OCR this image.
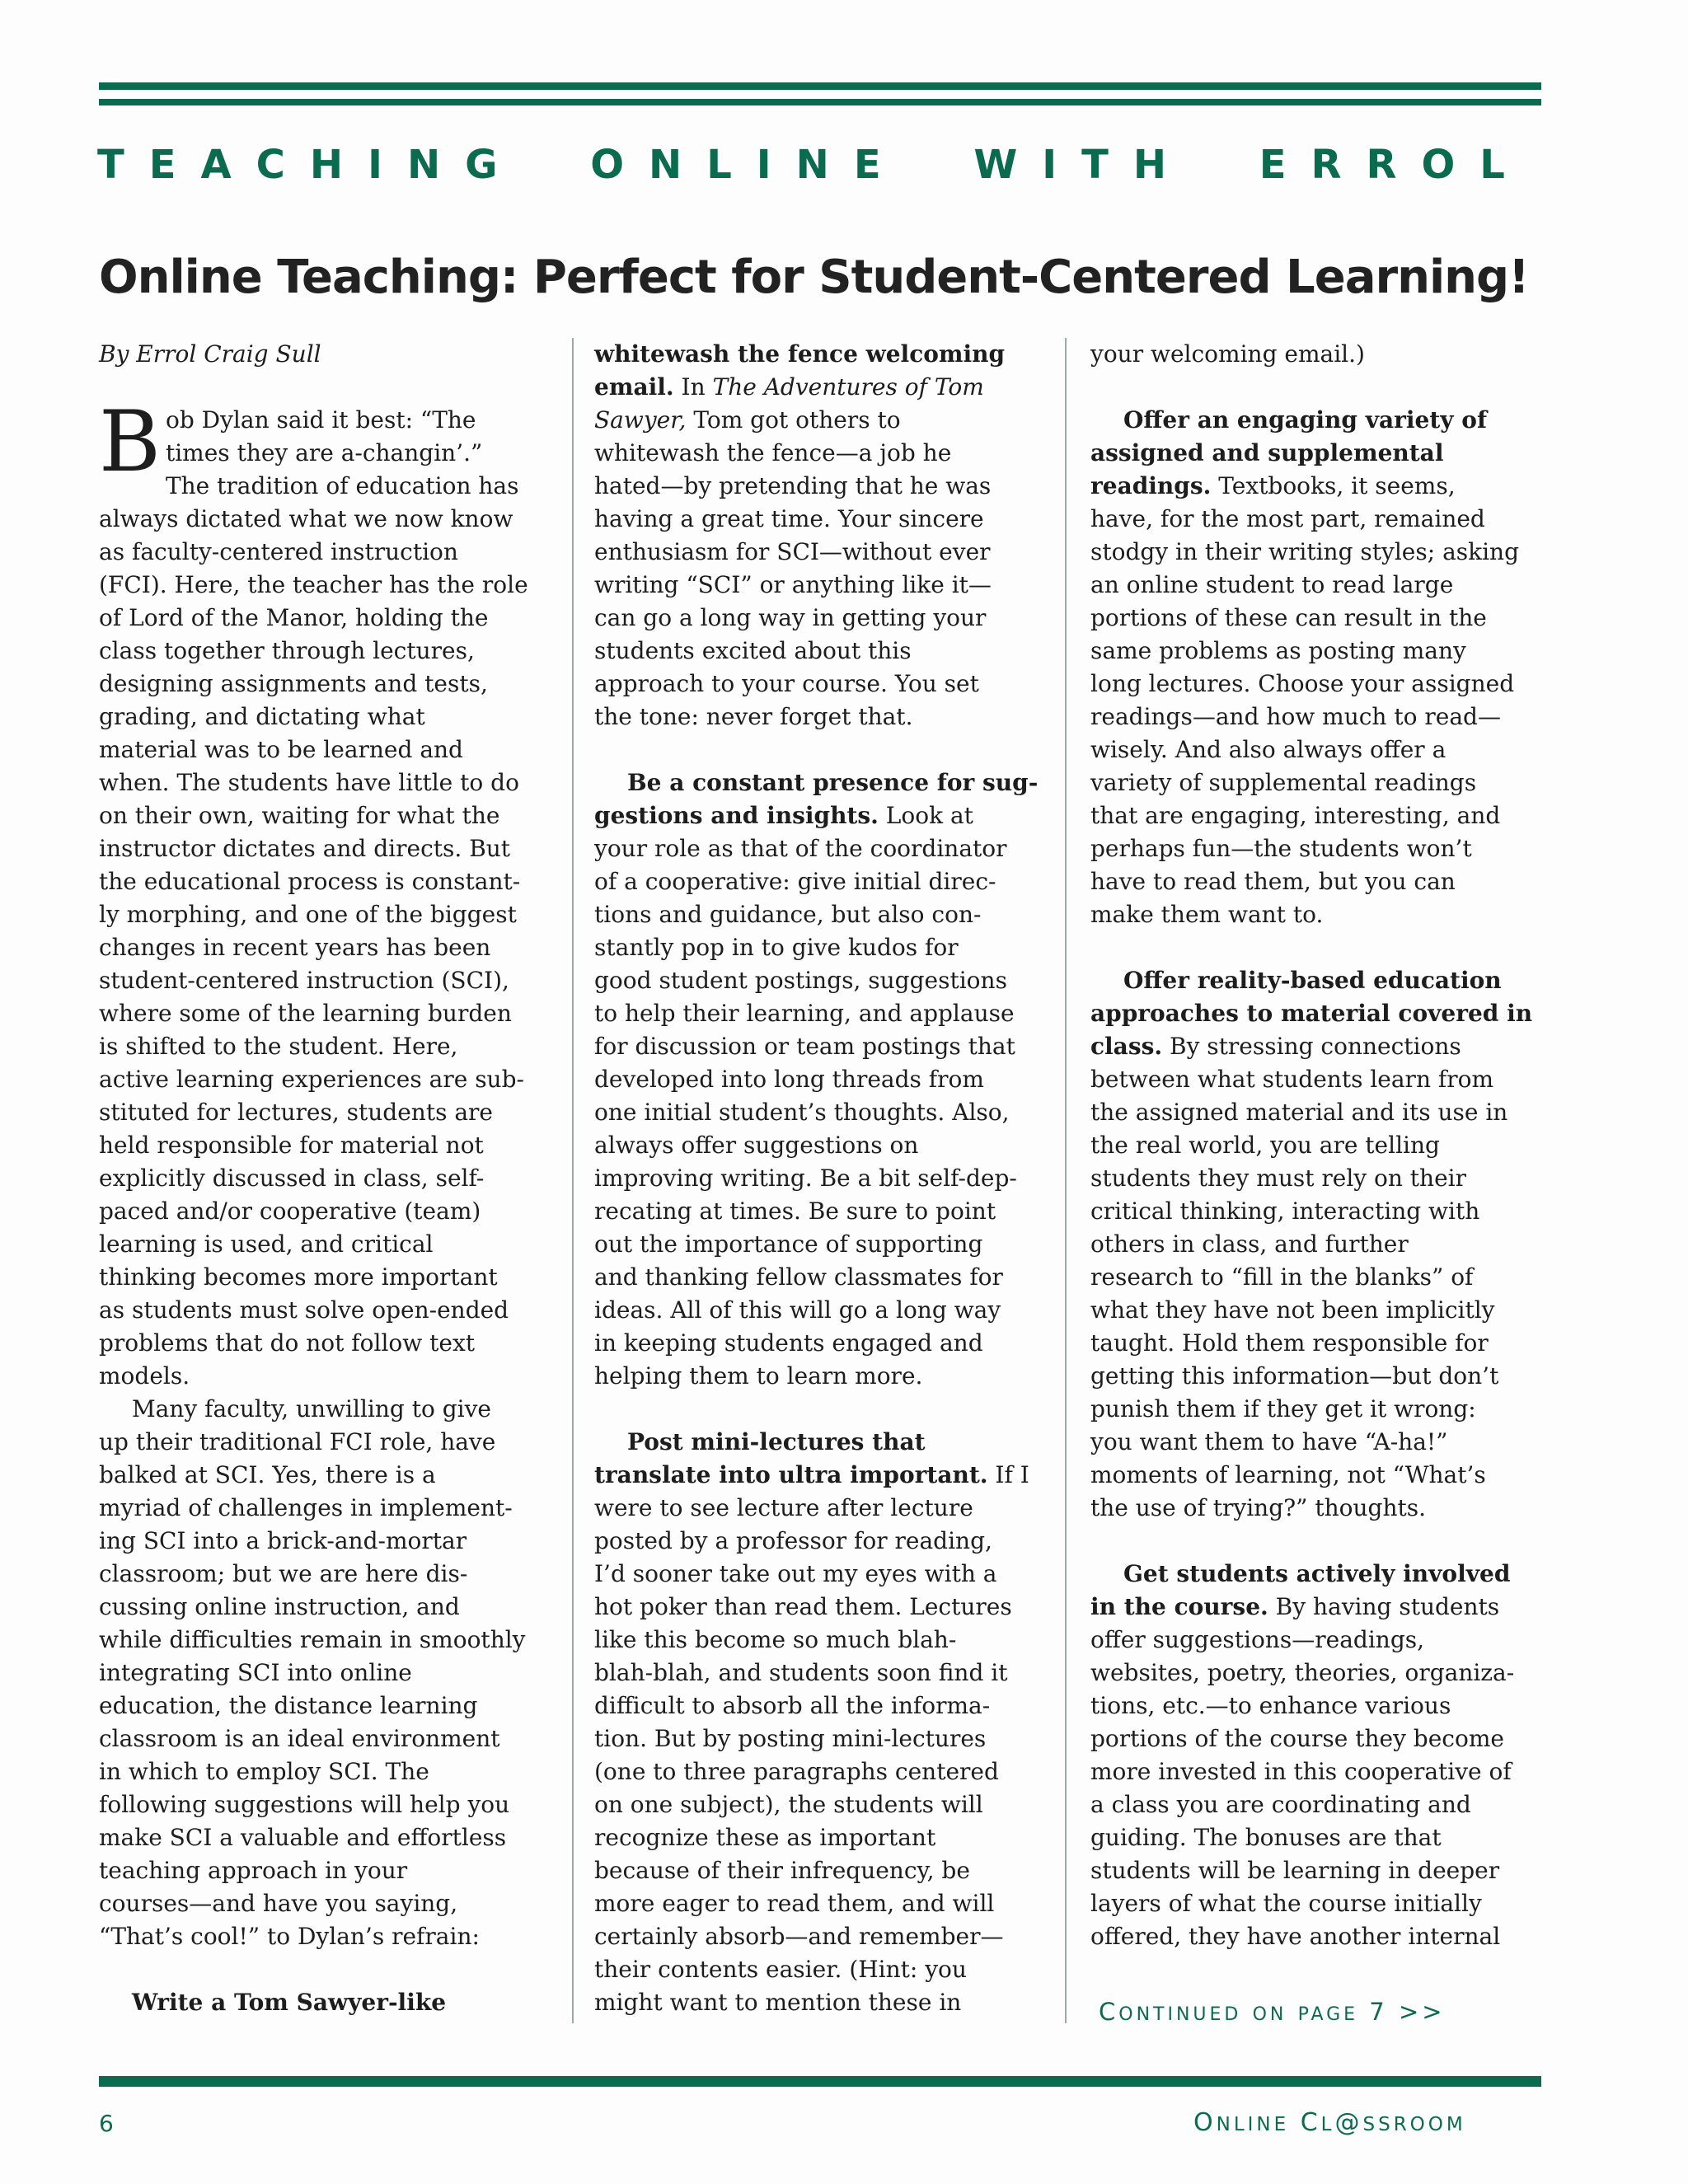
TEACHING ONLINE WITH ERROL
Online Teaching: Perfect for Student-Centered Learning!
By Errol Craig Sull
B ob Dylan said it best: “The
times they are a-changin’.”
The tradition of education has
always dictated what we now know
as faculty-centered instruction
(FCI). Here, the teacher has the role
of Lord of the Manor, holding the
class together through lectures,
designing assignments and tests,
grading, and dictating what
material was to be learned and
when. The students have little to do
on their own, waiting for what the
instructor dictates and directs. But
the educational process is constant-
ly morphing, and one of the biggest
changes in recent years has been
student-centered instruction (SCI),
where some of the learning burden
is shifted to the student. Here,
active learning experiences are sub-
stituted for lectures, students are
held responsible for material not
explicitly discussed in class, self-
paced and/or cooperative (team)
learning is used, and critical
thinking becomes more important
as students must solve open-ended
problems that do not follow text
models.
Many faculty, unwilling to give
up their traditional FCI role, have
balked at SCI. Yes, there is a
myriad of challenges in implement-
ing SCI into a brick-and-mortar
classroom; but we are here dis-
cussing online instruction, and
while difficulties remain in smoothly
integrating SCI into online
education, the distance learning
classroom is an ideal environment
in which to employ SCI. The
following suggestions will help you
make SCI a valuable and effortless
teaching approach in your
courses—and have you saying,
“That’s cool!” to Dylan’s refrain:
Write a Tom Sawyer-like
whitewash the fence welcoming
email. In The Adventures of Tom
Sawyer, Tom got others to
whitewash the fence—a job he
hated—by pretending that he was
having a great time. Your sincere
enthusiasm for SCI—without ever
writing “SCI” or anything like it—
can go a long way in getting your
students excited about this
approach to your course. You set
the tone: never forget that.
Be a constant presence for sug-
gestions and insights. Look at
your role as that of the coordinator
of a cooperative: give initial direc-
tions and guidance, but also con-
stantly pop in to give kudos for
good student postings, suggestions
to help their learning, and applause
for discussion or team postings that
developed into long threads from
one initial student’s thoughts. Also,
always offer suggestions on
improving writing. Be a bit self-dep-
recating at times. Be sure to point
out the importance of supporting
and thanking fellow classmates for
ideas. All of this will go a long way
in keeping students engaged and
helping them to learn more.
Post mini-lectures that
translate into ultra important. If I
were to see lecture after lecture
posted by a professor for reading,
I’d sooner take out my eyes with a
hot poker than read them. Lectures
like this become so much blah-
blah-blah, and students soon find it
difficult to absorb all the informa-
tion. But by posting mini-lectures
(one to three paragraphs centered
on one subject), the students will
recognize these as important
because of their infrequency, be
more eager to read them, and will
certainly absorb—and remember—
their contents easier. (Hint: you
might want to mention these in
your welcoming email.)
Offer an engaging variety of
assigned and supplemental
readings. Textbooks, it seems,
have, for the most part, remained
stodgy in their writing styles; asking
an online student to read large
portions of these can result in the
same problems as posting many
long lectures. Choose your assigned
readings—and how much to read—
wisely. And also always offer a
variety of supplemental readings
that are engaging, interesting, and
perhaps fun—the students won’t
have to read them, but you can
make them want to.
Offer reality-based education
approaches to material covered in
class. By stressing connections
between what students learn from
the assigned material and its use in
the real world, you are telling
students they must rely on their
critical thinking, interacting with
others in class, and further
research to “fill in the blanks” of
what they have not been implicitly
taught. Hold them responsible for
getting this information—but don’t
punish them if they get it wrong:
you want them to have “A-ha!”
moments of learning, not “What’s
the use of trying?” thoughts.
Get students actively involved
in the course. By having students
offer suggestions—readings,
websites, poetry, theories, organiza-
tions, etc.—to enhance various
portions of the course they become
more invested in this cooperative of
a class you are coordinating and
guiding. The bonuses are that
students will be learning in deeper
layers of what the course initially
offered, they have another internal

CONTINUED ON PAGE 7 >>

6	ONLINE CL@SSROOM
